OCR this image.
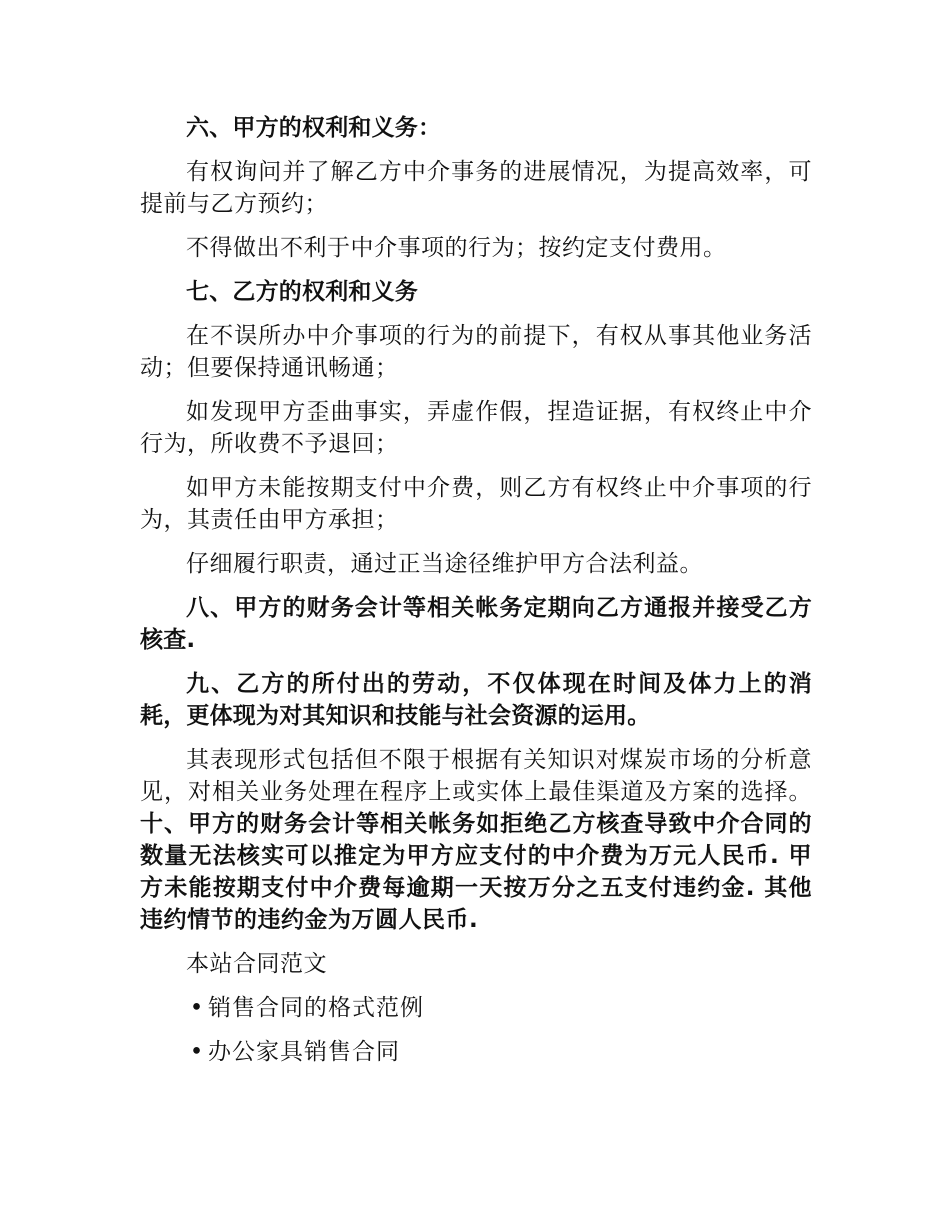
六、甲方的权利和义务：

有权询问并了解乙方中介事务的进展情况，为提高效率，可提前与乙方预约；

不得做出不利于中介事项的行为；按约定支付费用。

七、乙方的权利和义务

在不误所办中介事项的行为的前提下，有权从事其他业务活动；但要保持通讯畅通；

如发现甲方歪曲事实，弄虚作假，捏造证据，有权终止中介行为，所收费不予退回；

如甲方未能按期支付中介费，则乙方有权终止中介事项的行为，其责任由甲方承担；

仔细履行职责，通过正当途径维护甲方合法利益。

八、甲方的财务会计等相关帐务定期向乙方通报并接受乙方核查.

九、乙方的所付出的劳动，不仅体现在时间及体力上的消耗，更体现为对其知识和技能与社会资源的运用。

其表现形式包括但不限于根据有关知识对煤炭市场的分析意见，对相关业务处理在程序上或实体上最佳渠道及方案的选择。十、甲方的财务会计等相关帐务如拒绝乙方核查导致中介合同的数量无法核实可以推定为甲方应支付的中介费为万元人民币. 甲方未能按期支付中介费每逾期一天按万分之五支付违约金. 其他违约情节的违约金为万圆人民币.

本站合同范文

• 销售合同的格式范例
• 办公家具销售合同
